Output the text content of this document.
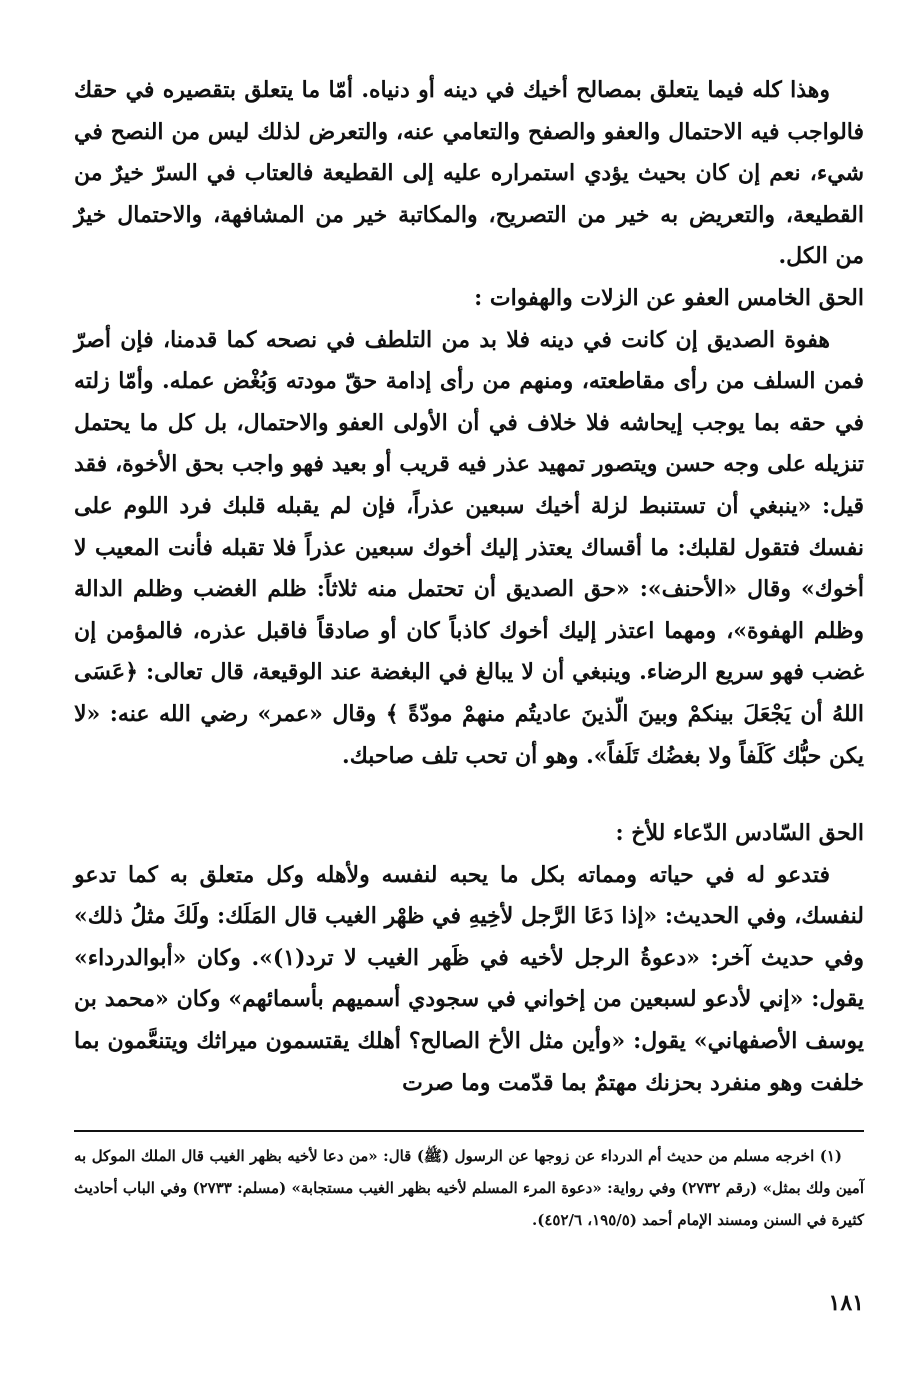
وهذا كله فيما يتعلق بمصالح أخيك في دينه أو دنياه. أمّا ما يتعلق بتقصيره في حقك فالواجب فيه الاحتمال والعفو والصفح والتعامي عنه، والتعرض لذلك ليس من النصح في شيء، نعم إن كان بحيث يؤدي استمراره عليه إلى القطيعة فالعتاب في السرّ خيرٌ من القطيعة، والتعريض به خير من التصريح، والمكاتبة خير من المشافهة، والاحتمال خيرٌ من الكل.

الحق الخامس العفو عن الزلات والهفوات :

هفوة الصديق إن كانت في دينه فلا بد من التلطف في نصحه كما قدمنا، فإن أصرّ فمن السلف من رأى مقاطعته، ومنهم من رأى إدامة حقّ مودته وَبُغْض عمله. وأمّا زلته في حقه بما يوجب إيحاشه فلا خلاف في أن الأولى العفو والاحتمال، بل كل ما يحتمل تنزيله على وجه حسن ويتصور تمهيد عذر فيه قريب أو بعيد فهو واجب بحق الأخوة، فقد قيل: «ينبغي أن تستنبط لزلة أخيك سبعين عذراً، فإن لم يقبله قلبك فرد اللوم على نفسك فتقول لقلبك: ما أقساك يعتذر إليك أخوك سبعين عذراً فلا تقبله فأنت المعيب لا أخوك» وقال «الأحنف»: «حق الصديق أن تحتمل منه ثلاثاً: ظلم الغضب وظلم الدالة وظلم الهفوة»، ومهما اعتذر إليك أخوك كاذباً كان أو صادقاً فاقبل عذره، فالمؤمن إن غضب فهو سريع الرضاء. وينبغي أن لا يبالغ في البغضة عند الوقيعة، قال تعالى: ﴿عَسَى اللهُ أن يَجْعَلَ بينكمْ وبينَ الّذينَ عاديتُم منهمْ مودّةً ﴾ وقال «عمر» رضي الله عنه: «لا يكن حبُّك كَلَفاً ولا بغضُك تَلَفاً». وهو أن تحب تلف صاحبك.

الحق السّادس الدّعاء للأخ :

فتدعو له في حياته ومماته بكل ما يحبه لنفسه ولأهله وكل متعلق به كما تدعو لنفسك، وفي الحديث: «إذا دَعَا الرَّجل لأخِيهِ في ظهْر الغيب قال المَلَك: ولَكَ مثلُ ذلك» وفي حديث آخر: «دعوةُ الرجل لأخيه في ظَهر الغيب لا ترد(١)». وكان «أبوالدرداء» يقول: «إني لأدعو لسبعين من إخواني في سجودي أسميهم بأسمائهم» وكان «محمد بن يوسف الأصفهاني» يقول: «وأين مثل الأخ الصالح؟ أهلك يقتسمون ميراثك ويتنعَّمون بما خلفت وهو منفرد بحزنك مهتمٌ بما قدّمت وما صرت

(١) اخرجه مسلم من حديث أم الدرداء عن زوجها عن الرسول (ﷺ) قال: «من دعا لأخيه بظهر الغيب قال الملك الموكل به آمين ولك بمثل» (رقم ٢٧٣٢) وفي رواية: «دعوة المرء المسلم لأخيه بظهر الغيب مستجابة» (مسلم: ٢٧٣٣) وفي الباب أحاديث كثيرة في السنن ومسند الإمام أحمد (١٩٥/٥، ٤٥٢/٦).

١٨١
